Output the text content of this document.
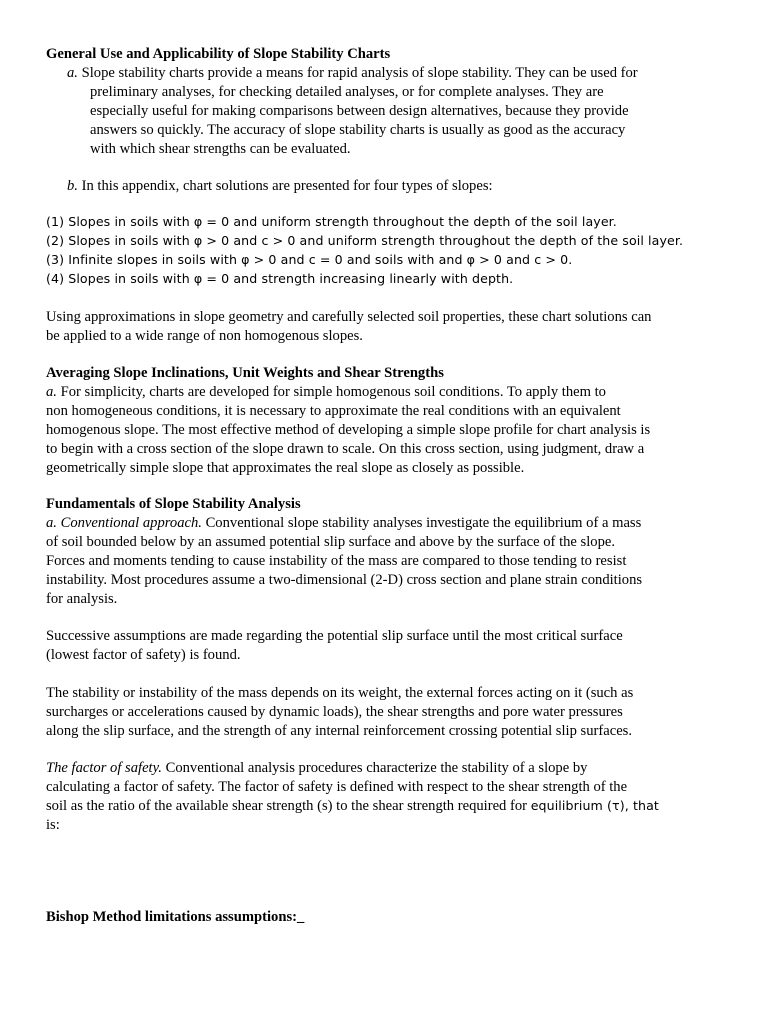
General Use and Applicability of Slope Stability Charts
a. Slope stability charts provide a means for rapid analysis of slope stability. They can be used for
preliminary analyses, for checking detailed analyses, or for complete analyses. They are
especially useful for making comparisons between design alternatives, because they provide
answers so quickly. The accuracy of slope stability charts is usually as good as the accuracy
with which shear strengths can be evaluated.
b. In this appendix, chart solutions are presented for four types of slopes:
(1) Slopes in soils with φ = 0 and uniform strength throughout the depth of the soil layer.
(2) Slopes in soils with φ > 0 and c > 0 and uniform strength throughout the depth of the soil layer.
(3) Infinite slopes in soils with φ > 0 and c = 0 and soils with and φ > 0 and c > 0.
(4) Slopes in soils with φ = 0 and strength increasing linearly with depth.
Using approximations in slope geometry and carefully selected soil properties, these chart solutions can
be applied to a wide range of non homogenous slopes.
Averaging Slope Inclinations, Unit Weights and Shear Strengths
a. For simplicity, charts are developed for simple homogenous soil conditions. To apply them to
non homogeneous conditions, it is necessary to approximate the real conditions with an equivalent
homogenous slope. The most effective method of developing a simple slope profile for chart analysis is
to begin with a cross section of the slope drawn to scale. On this cross section, using judgment, draw a
geometrically simple slope that approximates the real slope as closely as possible.
Fundamentals of Slope Stability Analysis
a. Conventional approach. Conventional slope stability analyses investigate the equilibrium of a mass
of soil bounded below by an assumed potential slip surface and above by the surface of the slope.
Forces and moments tending to cause instability of the mass are compared to those tending to resist
instability. Most procedures assume a two-dimensional (2-D) cross section and plane strain conditions
for analysis.
Successive assumptions are made regarding the potential slip surface until the most critical surface
(lowest factor of safety) is found.
The stability or instability of the mass depends on its weight, the external forces acting on it (such as
surcharges or accelerations caused by dynamic loads), the shear strengths and pore water pressures
along the slip surface, and the strength of any internal reinforcement crossing potential slip surfaces.
The factor of safety. Conventional analysis procedures characterize the stability of a slope by
calculating a factor of safety. The factor of safety is defined with respect to the shear strength of the
soil as the ratio of the available shear strength (s) to the shear strength required for equilibrium (τ), that
is:
Bishop Method limitations assumptions:_
